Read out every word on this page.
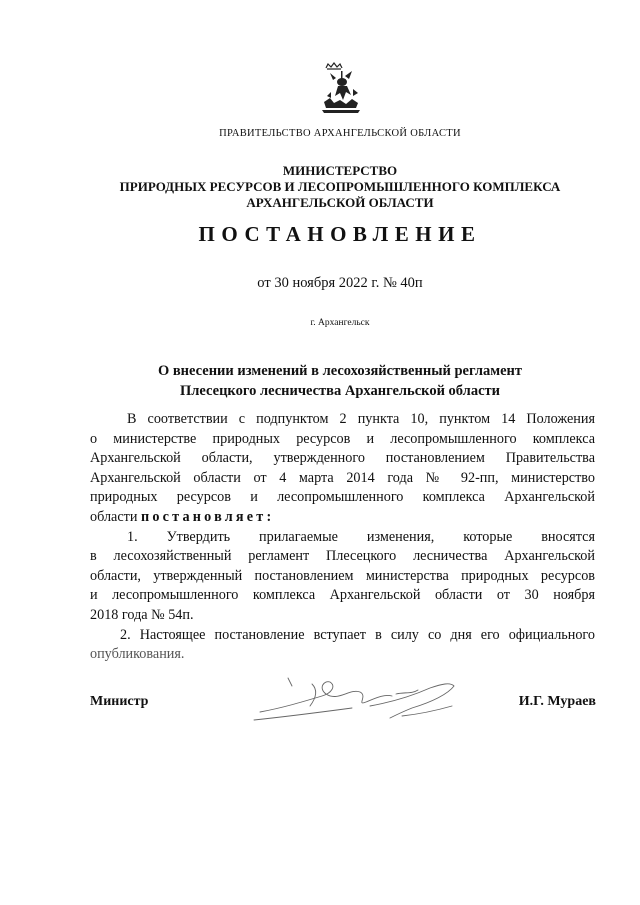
ПРАВИТЕЛЬСТВО АРХАНГЕЛЬСКОЙ ОБЛАСТИ
МИНИСТЕРСТВО
ПРИРОДНЫХ РЕСУРСОВ И ЛЕСОПРОМЫШЛЕННОГО КОМПЛЕКСА
АРХАНГЕЛЬСКОЙ ОБЛАСТИ
ПОСТАНОВЛЕНИЕ
от 30 ноября 2022 г. № 40п
г. Архангельск
О внесении изменений в лесохозяйственный регламент
Плесецкого лесничества Архангельской области
В соответствии с подпунктом 2 пункта 10, пунктом 14 Положения
о министерстве природных ресурсов и лесопромышленного комплекса
Архангельской области, утвержденного постановлением Правительства
Архангельской области от 4 марта 2014 года № 92-пп, министерство
природных ресурсов и лесопромышленного комплекса Архангельской
области постановляет:
1. Утвердить прилагаемые изменения, которые вносятся
в лесохозяйственный регламент Плесецкого лесничества Архангельской
области, утвержденный постановлением министерства природных ресурсов
и лесопромышленного комплекса Архангельской области от 30 ноября
2018 года № 54п.
2. Настоящее постановление вступает в силу со дня его официального
опубликования.
Министр	И.Г. Мураев
